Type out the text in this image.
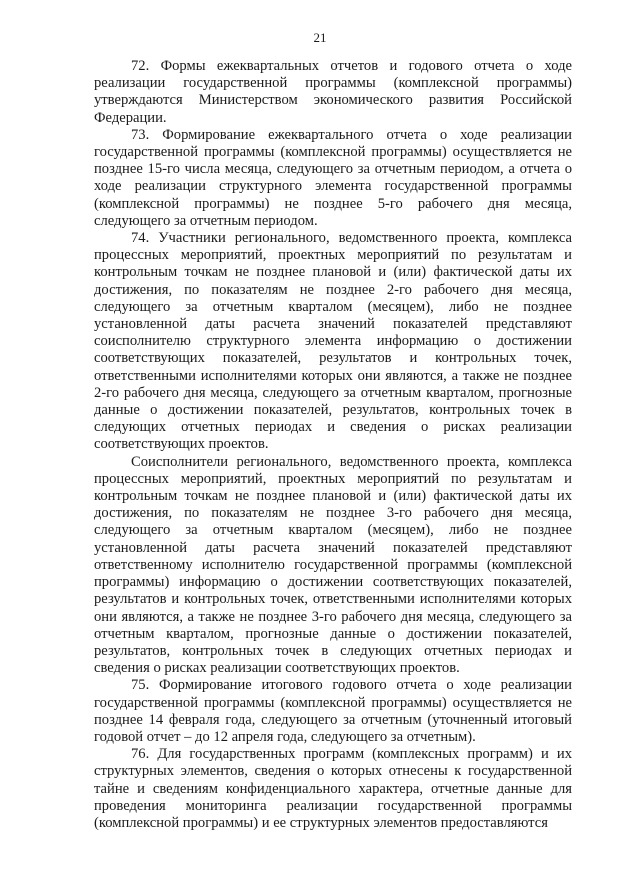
21

72. Формы ежеквартальных отчетов и годового отчета о ходе реализации государственной программы (комплексной программы) утверждаются Министерством экономического развития Российской Федерации.

73. Формирование ежеквартального отчета о ходе реализации государственной программы (комплексной программы) осуществляется не позднее 15-го числа месяца, следующего за отчетным периодом, а отчета о ходе реализации структурного элемента государственной программы (комплексной программы) не позднее 5-го рабочего дня месяца, следующего за отчетным периодом.

74. Участники регионального, ведомственного проекта, комплекса процессных мероприятий, проектных мероприятий по результатам и контрольным точкам не позднее плановой и (или) фактической даты их достижения, по показателям не позднее 2-го рабочего дня месяца, следующего за отчетным кварталом (месяцем), либо не позднее установленной даты расчета значений показателей представляют соисполнителю структурного элемента информацию о достижении соответствующих показателей, результатов и контрольных точек, ответственными исполнителями которых они являются, а также не позднее 2-го рабочего дня месяца, следующего за отчетным кварталом, прогнозные данные о достижении показателей, результатов, контрольных точек в следующих отчетных периодах и сведения о рисках реализации соответствующих проектов.

Соисполнители регионального, ведомственного проекта, комплекса процессных мероприятий, проектных мероприятий по результатам и контрольным точкам не позднее плановой и (или) фактической даты их достижения, по показателям не позднее 3-го рабочего дня месяца, следующего за отчетным кварталом (месяцем), либо не позднее установленной даты расчета значений показателей представляют ответственному исполнителю государственной программы (комплексной программы) информацию о достижении соответствующих показателей, результатов и контрольных точек, ответственными исполнителями которых они являются, а также не позднее 3-го рабочего дня месяца, следующего за отчетным кварталом, прогнозные данные о достижении показателей, результатов, контрольных точек в следующих отчетных периодах и сведения о рисках реализации соответствующих проектов.

75. Формирование итогового годового отчета о ходе реализации государственной программы (комплексной программы) осуществляется не позднее 14 февраля года, следующего за отчетным (уточненный итоговый годовой отчет – до 12 апреля года, следующего за отчетным).

76. Для государственных программ (комплексных программ) и их структурных элементов, сведения о которых отнесены к государственной тайне и сведениям конфиденциального характера, отчетные данные для проведения мониторинга реализации государственной программы (комплексной программы) и ее структурных элементов предоставляются
